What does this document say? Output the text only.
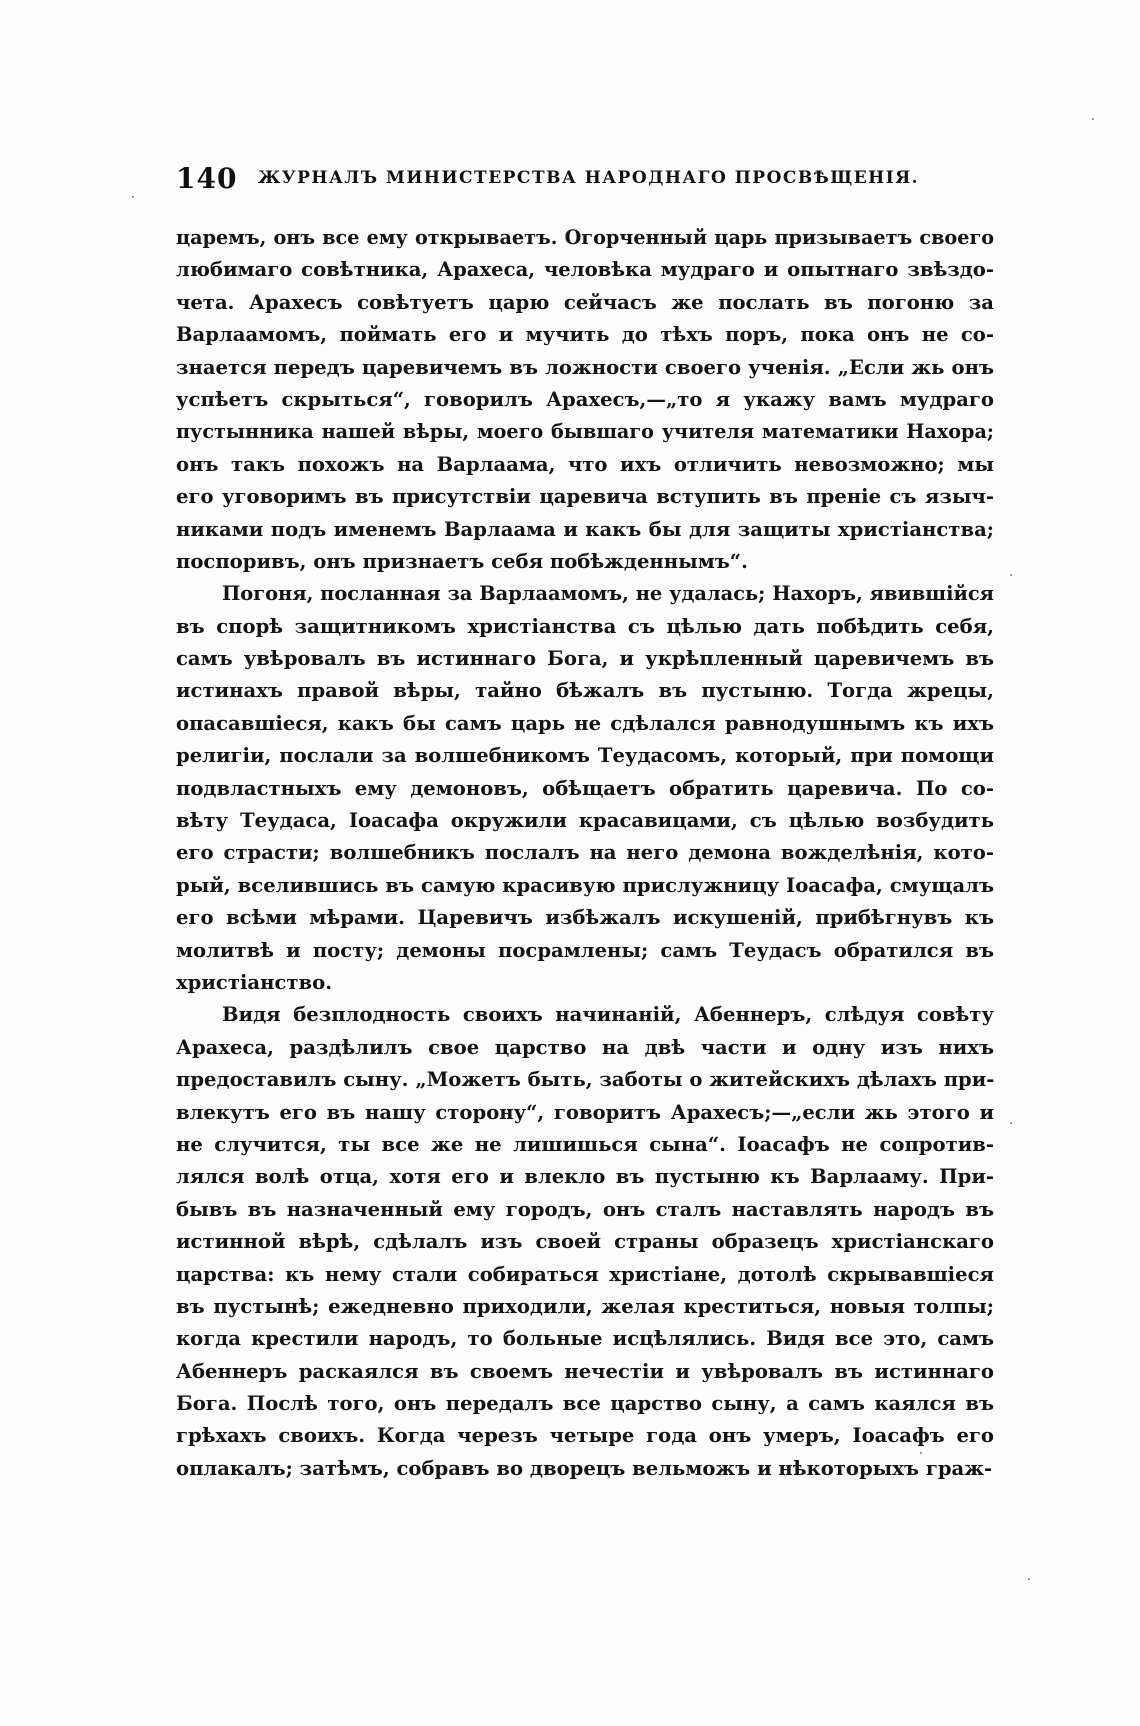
140 ЖУРНАЛЪ МИНИСТЕРСТВА НАРОДНАГО ПРОСВѢЩЕНІЯ.
царемъ, онъ все ему открываетъ. Огорченный царь призываетъ своего
любимаго совѣтника, Арахеса, человѣка мудраго и опытнаго звѣздо-
чета. Арахесъ совѣтуетъ царю сейчасъ же послать въ погоню за
Варлаамомъ, поймать его и мучить до тѣхъ поръ, пока онъ не со-
знается передъ царевичемъ въ ложности своего ученія. „Если жь онъ
успѣетъ скрыться“, говорилъ Арахесъ,—„то я укажу вамъ мудраго
пустынника нашей вѣры, моего бывшаго учителя математики Нахора;
онъ такъ похожъ на Варлаама, что ихъ отличить невозможно; мы
его уговоримъ въ присутствіи царевича вступить въ преніе съ языч-
никами подъ именемъ Варлаама и какъ бы для защиты христіанства;
поспоривъ, онъ признаетъ себя побѣжденнымъ“.
Погоня, посланная за Варлаамомъ, не удалась; Нахоръ, явившійся
въ спорѣ защитникомъ христіанства съ цѣлью дать побѣдить себя,
самъ увѣровалъ въ истиннаго Бога, и укрѣпленный царевичемъ въ
истинахъ правой вѣры, тайно бѣжалъ въ пустыню. Тогда жрецы,
опасавшіеся, какъ бы самъ царь не сдѣлался равнодушнымъ къ ихъ
религіи, послали за волшебникомъ Теудасомъ, который, при помощи
подвластныхъ ему демоновъ, обѣщаетъ обратить царевича. По со-
вѣту Теудаса, Іоасафа окружили красавицами, съ цѣлью возбудить
его страсти; волшебникъ послалъ на него демона вожделѣнія, кото-
рый, вселившись въ самую красивую прислужницу Іоасафа, смущалъ
его всѣми мѣрами. Царевичъ избѣжалъ искушеній, прибѣгнувъ къ
молитвѣ и посту; демоны посрамлены; самъ Теудасъ обратился въ
христіанство.
Видя безплодность своихъ начинаній, Абеннеръ, слѣдуя совѣту
Арахеса, раздѣлилъ свое царство на двѣ части и одну изъ нихъ
предоставилъ сыну. „Можетъ быть, заботы о житейскихъ дѣлахъ при-
влекутъ его въ нашу сторону“, говоритъ Арахесъ;—„если жь этого и
не случится, ты все же не лишишься сына“. Іоасафъ не сопротив-
лялся волѣ отца, хотя его и влекло въ пустыню къ Варлааму. При-
бывъ въ назначенный ему городъ, онъ сталъ наставлять народъ въ
истинной вѣрѣ, сдѣлалъ изъ своей страны образецъ христіанскаго
царства: къ нему стали собираться христіане, дотолѣ скрывавшіеся
въ пустынѣ; ежедневно приходили, желая креститься, новыя толпы;
когда крестили народъ, то больные исцѣлялись. Видя все это, самъ
Абеннеръ раскаялся въ своемъ нечестіи и увѣровалъ въ истиннаго
Бога. Послѣ того, онъ передалъ все царство сыну, а самъ каялся въ
грѣхахъ своихъ. Когда черезъ четыре года онъ умеръ, Іоасафъ его
оплакалъ; затѣмъ, собравъ во дворецъ вельможъ и нѣкоторыхъ граж-
